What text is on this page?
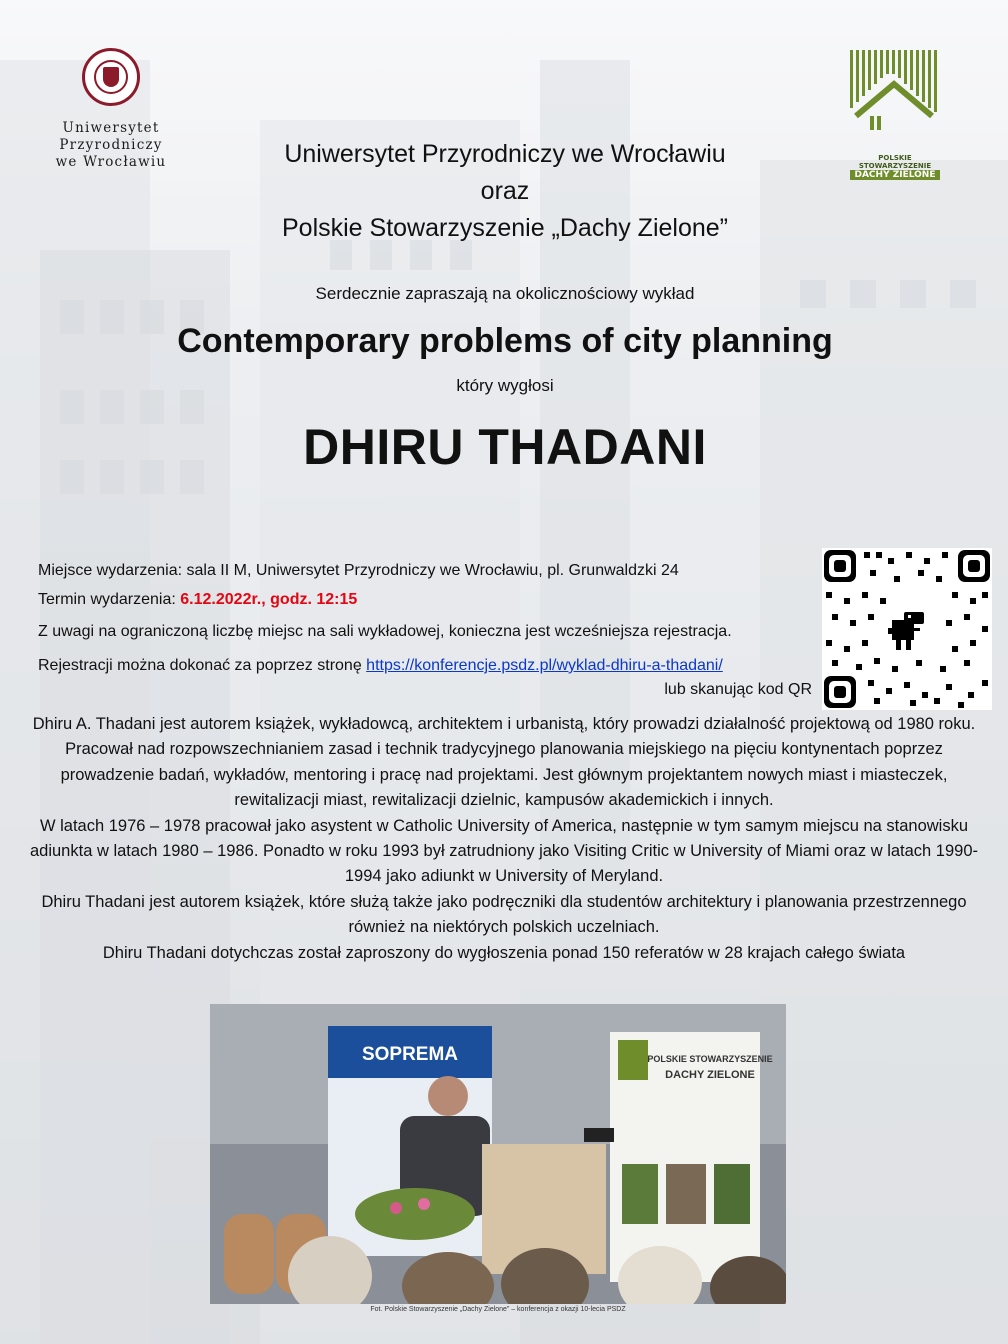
Uniwersytet
Przyrodniczy
we Wrocławiu	POLSKIE STOWARZYSZENIE
DACHY ZIELONE
Uniwersytet Przyrodniczy we Wrocławiu
oraz
Polskie Stowarzyszenie „Dachy Zielone”
Serdecznie zapraszają na okolicznościowy wykład
Contemporary problems of city planning
który wygłosi
DHIRU THADANI
Miejsce wydarzenia: sala II M, Uniwersytet Przyrodniczy we Wrocławiu, pl. Grunwaldzki 24
Termin wydarzenia: 6.12.2022r., godz. 12:15
Z uwagi na ograniczoną liczbę miejsc na sali wykładowej, konieczna jest wcześniejsza rejestracja.
Rejestracji można dokonać za poprzez stronę https://konferencje.psdz.pl/wyklad-dhiru-a-thadani/
lub skanując kod QR
Dhiru A. Thadani jest autorem książek, wykładowcą, architektem i urbanistą, który prowadzi działalność projektową od 1980 roku. Pracował nad rozpowszechnianiem zasad i technik tradycyjnego planowania miejskiego na pięciu kontynentach poprzez prowadzenie badań, wykładów, mentoring i pracę nad projektami. Jest głównym projektantem nowych miast i miasteczek, rewitalizacji miast, rewitalizacji dzielnic, kampusów akademickich i innych.
W latach 1976 – 1978 pracował jako asystent w Catholic University of America, następnie w tym samym miejscu na stanowisku adiunkta w latach 1980 – 1986. Ponadto w roku 1993 był zatrudniony jako Visiting Critic w University of Miami oraz w latach 1990- 1994 jako adiunkt w University of Meryland.
Dhiru Thadani jest autorem książek, które służą także jako podręczniki dla studentów architektury i planowania przestrzennego również na niektórych polskich uczelniach.
Dhiru Thadani dotychczas został zaproszony do wygłoszenia ponad 150 referatów w 28 krajach całego świata
SOPREMA	POLSKIE STOWARZYSZENIE
DACHY ZIELONE
Fot. Polskie Stowarzyszenie „Dachy Zielone” – konferencja z okazji 10-lecia PSDZ
